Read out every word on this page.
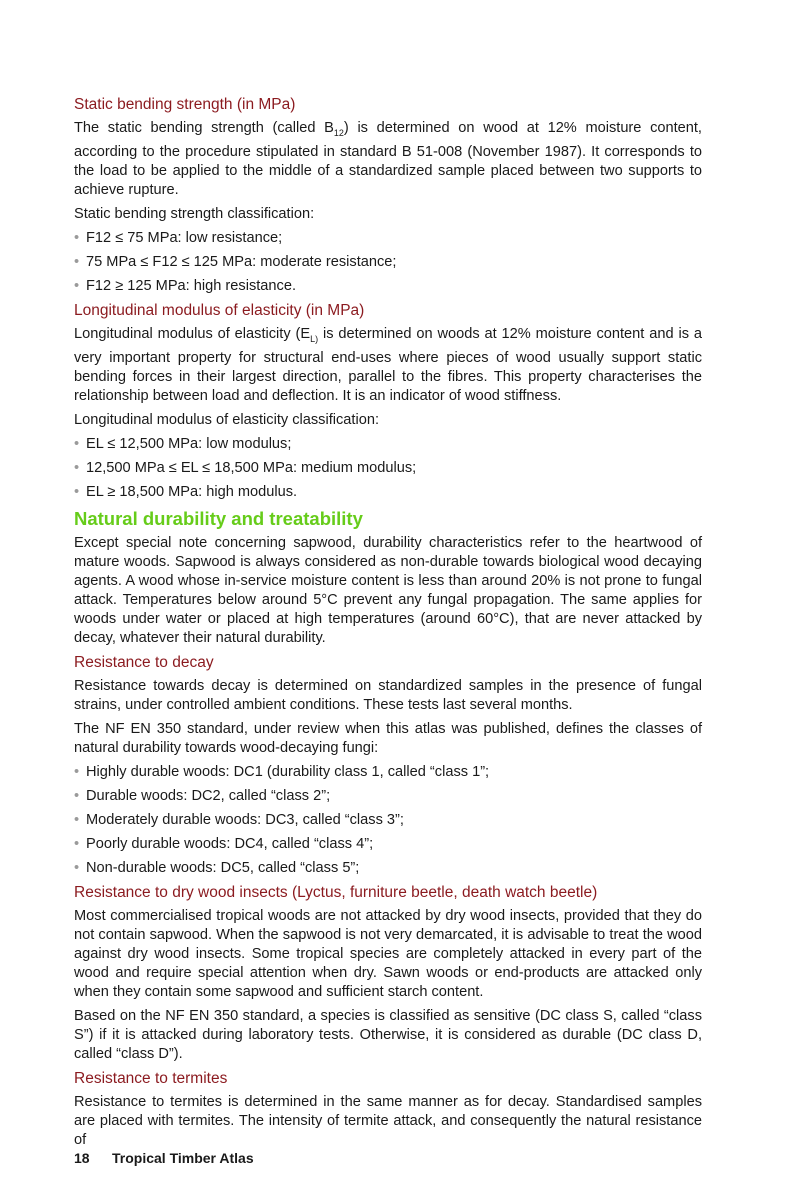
Static bending strength (in MPa)

The static bending strength (called $B_{12}$) is determined on wood at 12% moisture content, according to the procedure stipulated in standard B 51-008 (November 1987). It corresponds to the load to be applied to the middle of a standardized sample placed between two supports to achieve rupture.

Static bending strength classification:

• F12 ≤ 75 MPa: low resistance;
• 75 MPa ≤ F12 ≤ 125 MPa: moderate resistance;
• F12 ≥ 125 MPa: high resistance.
Longitudinal modulus of elasticity (in MPa)

Longitudinal modulus of elasticity ($E_{L)}$ is determined on woods at 12% moisture content and is a very important property for structural end-uses where pieces of wood usually support static bending forces in their largest direction, parallel to the fibres. This property characterises the relationship between load and deflection. It is an indicator of wood stiffness.

Longitudinal modulus of elasticity classification:

• EL ≤ 12,500 MPa: low modulus;
• 12,500 MPa ≤ EL ≤ 18,500 MPa: medium modulus;
• EL ≥ 18,500 MPa: high modulus.
Natural durability and treatability

Except special note concerning sapwood, durability characteristics refer to the heartwood of mature woods. Sapwood is always considered as non-durable towards biological wood decaying agents. A wood whose in-service moisture content is less than around 20% is not prone to fungal attack. Temperatures below around 5°C prevent any fungal propagation. The same applies for woods under water or placed at high temperatures (around 60°C), that are never attacked by decay, whatever their natural durability.

Resistance to decay

Resistance towards decay is determined on standardized samples in the presence of fungal strains, under controlled ambient conditions. These tests last several months.

The NF EN 350 standard, under review when this atlas was published, defines the classes of natural durability towards wood-decaying fungi:

• Highly durable woods: DC1 (durability class 1, called “class 1”;
• Durable woods: DC2, called “class 2”;
• Moderately durable woods: DC3, called “class 3”;
• Poorly durable woods: DC4, called “class 4”;
• Non-durable woods: DC5, called “class 5”;
Resistance to dry wood insects (Lyctus, furniture beetle, death watch beetle)

Most commercialised tropical woods are not attacked by dry wood insects, provided that they do not contain sapwood. When the sapwood is not very demarcated, it is advisable to treat the wood against dry wood insects. Some tropical species are completely attacked in every part of the wood and require special attention when dry. Sawn woods or end-products are attacked only when they contain some sapwood and sufficient starch content.

Based on the NF EN 350 standard, a species is classified as sensitive (DC class S, called “class S”) if it is attacked during laboratory tests. Otherwise, it is considered as durable (DC class D, called “class D”).

Resistance to termites

Resistance to termites is determined in the same manner as for decay. Standardised samples are placed with termites. The intensity of termite attack, and consequently the natural resistance of

18 Tropical Timber Atlas
